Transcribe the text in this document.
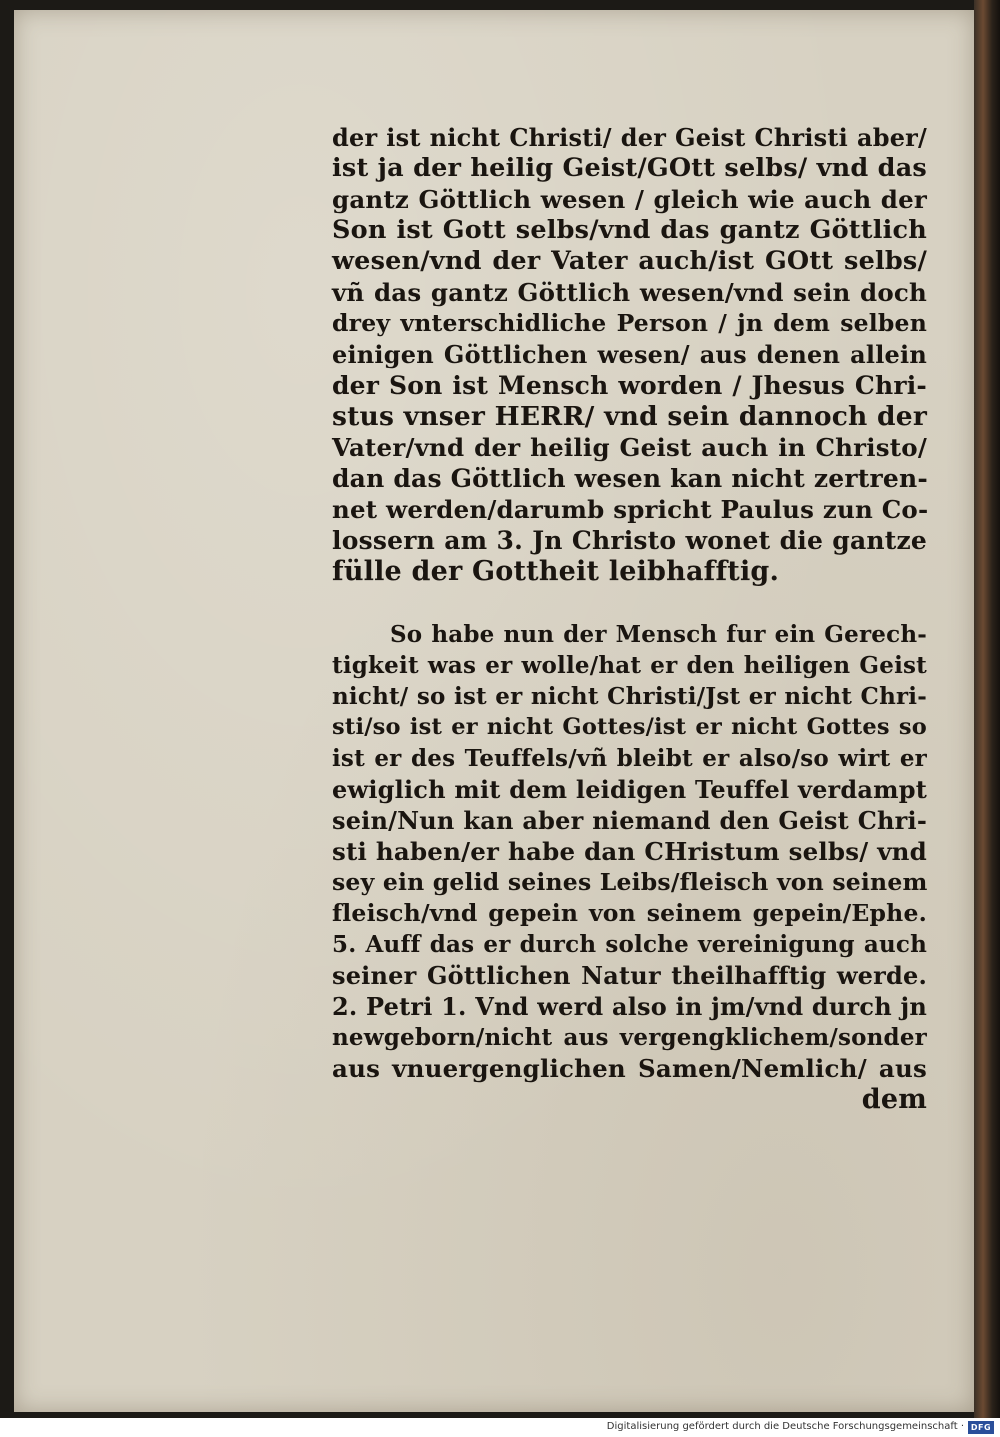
der ist nicht Christi/ der Geist Christi aber/
ist ja der heilig Geist/GOtt selbs/ vnd das
gantz Göttlich wesen / gleich wie auch der
Son ist Gott selbs/vnd das gantz Göttlich
wesen/vnd der Vater auch/ist GOtt selbs/
vñ das gantz Göttlich wesen/vnd sein doch
drey vnterschidliche Person / jn dem selben
einigen Göttlichen wesen/ aus denen allein
der Son ist Mensch worden / Jhesus Chri-
stus vnser HERR/ vnd sein dannoch der
Vater/vnd der heilig Geist auch in Christo/
dan das Göttlich wesen kan nicht zertren-
net werden/darumb spricht Paulus zun Co-
lossern am 3. Jn Christo wonet die gantze
fülle der Gottheit leibhafftig.
So habe nun der Mensch fur ein Gerech-
tigkeit was er wolle/hat er den heiligen Geist
nicht/ so ist er nicht Christi/Jst er nicht Chri-
sti/so ist er nicht Gottes/ist er nicht Gottes so
ist er des Teuffels/vñ bleibt er also/so wirt er
ewiglich mit dem leidigen Teuffel verdampt
sein/Nun kan aber niemand den Geist Chri-
sti haben/er habe dan CHristum selbs/ vnd
sey ein gelid seines Leibs/fleisch von seinem
fleisch/vnd gepein von seinem gepein/Ephe.
5. Auff das er durch solche vereinigung auch
seiner Göttlichen Natur theilhafftig werde.
2. Petri 1. Vnd werd also in jm/vnd durch jn
newgeborn/nicht aus vergengklichem/sonder
aus vnuergenglichen Samen/Nemlich/ aus
dem
Digitalisierung gefördert durch die Deutsche Forschungsgemeinschaft · DFG
